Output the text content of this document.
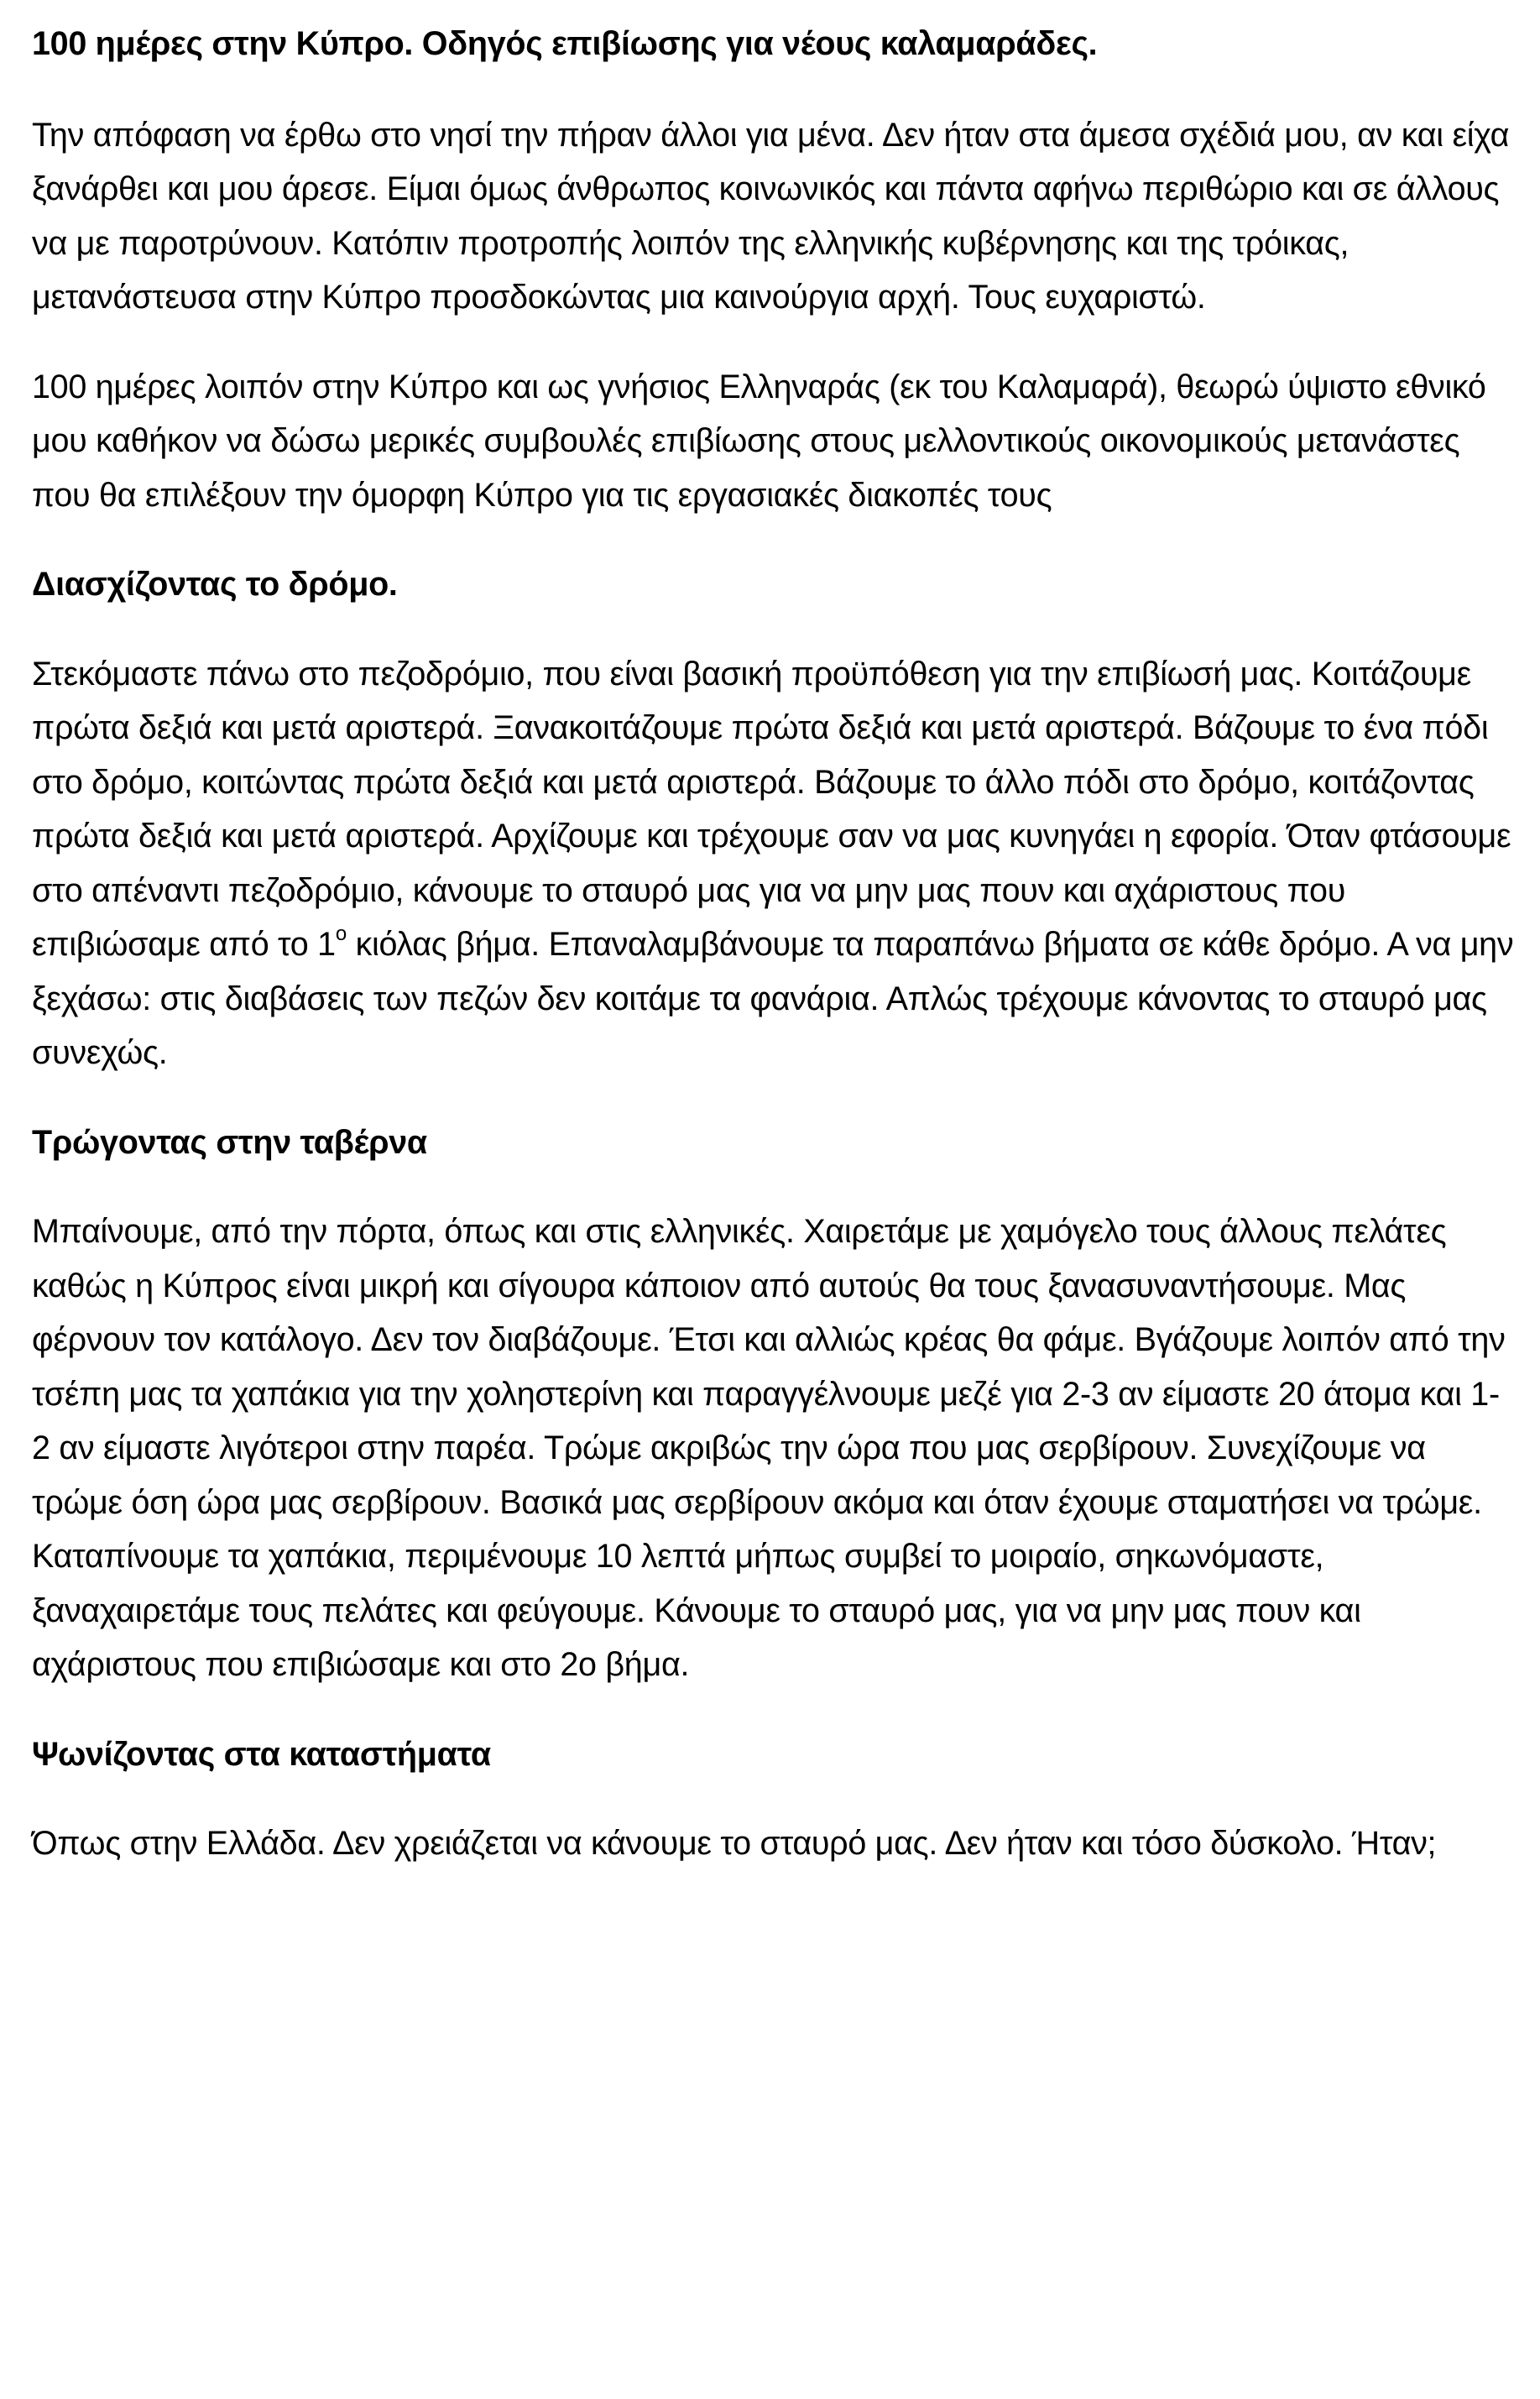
100 ημέρες στην Κύπρο. Οδηγός επιβίωσης για νέους καλαμαράδες.

Την απόφαση να έρθω στο νησί την πήραν άλλοι για μένα. Δεν ήταν στα άμεσα σχέδιά μου, αν και είχα ξανάρθει και μου άρεσε. Είμαι όμως άνθρωπος κοινωνικός και πάντα αφήνω περιθώριο και σε άλλους να με παροτρύνουν. Κατόπιν προτροπής λοιπόν της ελληνικής κυβέρνησης και της τρόικας, μετανάστευσα στην Κύπρο προσδοκώντας μια καινούργια αρχή. Τους ευχαριστώ.

100 ημέρες λοιπόν στην Κύπρο και ως γνήσιος Ελληναράς (εκ του Καλαμαρά), θεωρώ ύψιστο εθνικό μου καθήκον να δώσω μερικές συμβουλές επιβίωσης στους μελλοντικούς οικονομικούς μετανάστες που θα επιλέξουν την όμορφη Κύπρο για τις εργασιακές διακοπές τους

Διασχίζοντας το δρόμο.

Στεκόμαστε πάνω στο πεζοδρόμιο, που είναι βασική προϋπόθεση για την επιβίωσή μας. Κοιτάζουμε πρώτα δεξιά και μετά αριστερά. Ξανακοιτάζουμε πρώτα δεξιά και μετά αριστερά. Βάζουμε το ένα πόδι στο δρόμο, κοιτώντας πρώτα δεξιά και μετά αριστερά. Βάζουμε το άλλο πόδι στο δρόμο, κοιτάζοντας πρώτα δεξιά και μετά αριστερά. Αρχίζουμε και τρέχουμε σαν να μας κυνηγάει η εφορία. Όταν φτάσουμε στο απέναντι πεζοδρόμιο, κάνουμε το σταυρό μας για να μην μας πουν και αχάριστους που επιβιώσαμε από το $1^o$ κιόλας βήμα. Επαναλαμβάνουμε τα παραπάνω βήματα σε κάθε δρόμο. Α να μην ξεχάσω: στις διαβάσεις των πεζών δεν κοιτάμε τα φανάρια. Απλώς τρέχουμε κάνοντας το σταυρό μας συνεχώς.

Τρώγοντας στην ταβέρνα

Μπαίνουμε, από την πόρτα, όπως και στις ελληνικές. Χαιρετάμε με χαμόγελο τους άλλους πελάτες καθώς η Κύπρος είναι μικρή και σίγουρα κάποιον από αυτούς θα τους ξανασυναντήσουμε. Μας φέρνουν τον κατάλογο. Δεν τον διαβάζουμε. Έτσι και αλλιώς κρέας θα φάμε. Βγάζουμε λοιπόν από την τσέπη μας τα χαπάκια για την χοληστερίνη και παραγγέλνουμε μεζέ για 2-3 αν είμαστε 20 άτομα και 1-2 αν είμαστε λιγότεροι στην παρέα. Τρώμε ακριβώς την ώρα που μας σερβίρουν. Συνεχίζουμε να τρώμε όση ώρα μας σερβίρουν. Βασικά μας σερβίρουν ακόμα και όταν έχουμε σταματήσει να τρώμε. Καταπίνουμε τα χαπάκια, περιμένουμε 10 λεπτά μήπως συμβεί το μοιραίο, σηκωνόμαστε, ξαναχαιρετάμε τους πελάτες και φεύγουμε. Κάνουμε το σταυρό μας, για να μην μας πουν και αχάριστους που επιβιώσαμε και στο 2ο βήμα.

Ψωνίζοντας στα καταστήματα

Όπως στην Ελλάδα. Δεν χρειάζεται να κάνουμε το σταυρό μας. Δεν ήταν και τόσο δύσκολο. Ήταν;
